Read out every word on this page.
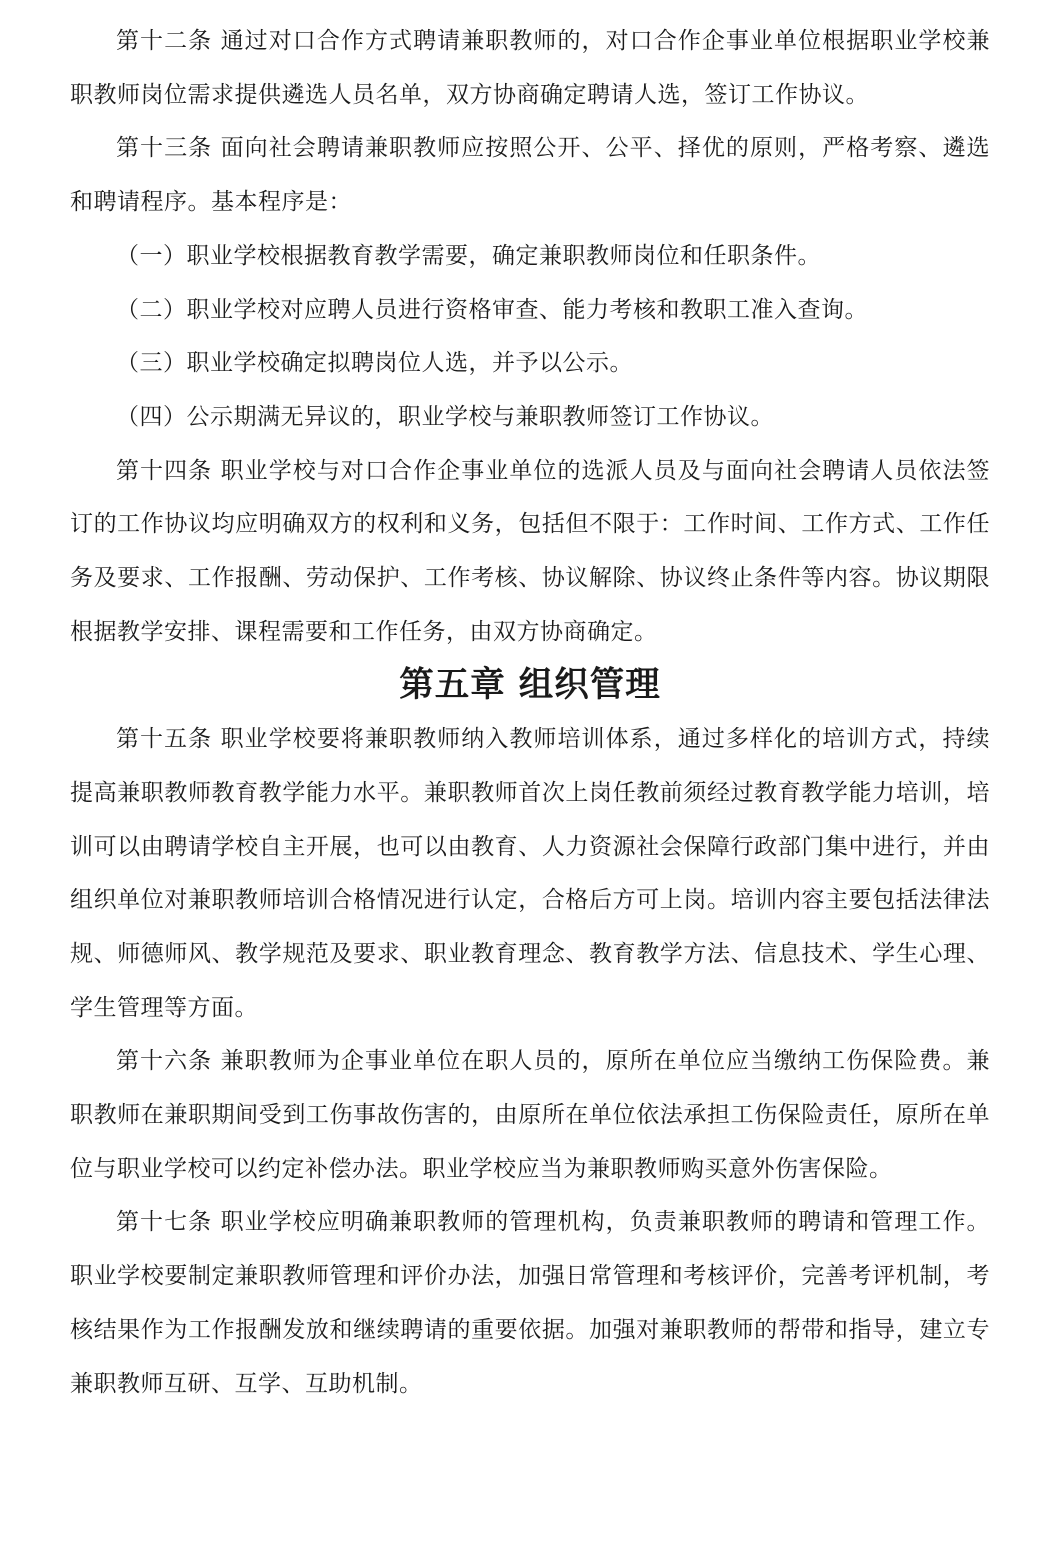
第十二条 通过对口合作方式聘请兼职教师的，对口合作企事业单位根据职业学校兼职教师岗位需求提供遴选人员名单，双方协商确定聘请人选，签订工作协议。

第十三条 面向社会聘请兼职教师应按照公开、公平、择优的原则，严格考察、遴选和聘请程序。基本程序是：

（一）职业学校根据教育教学需要，确定兼职教师岗位和任职条件。

（二）职业学校对应聘人员进行资格审查、能力考核和教职工准入查询。

（三）职业学校确定拟聘岗位人选，并予以公示。

（四）公示期满无异议的，职业学校与兼职教师签订工作协议。

第十四条 职业学校与对口合作企事业单位的选派人员及与面向社会聘请人员依法签订的工作协议均应明确双方的权利和义务，包括但不限于：工作时间、工作方式、工作任务及要求、工作报酬、劳动保护、工作考核、协议解除、协议终止条件等内容。协议期限根据教学安排、课程需要和工作任务，由双方协商确定。

第五章 组织管理

第十五条 职业学校要将兼职教师纳入教师培训体系，通过多样化的培训方式，持续提高兼职教师教育教学能力水平。兼职教师首次上岗任教前须经过教育教学能力培训，培训可以由聘请学校自主开展，也可以由教育、人力资源社会保障行政部门集中进行，并由组织单位对兼职教师培训合格情况进行认定，合格后方可上岗。培训内容主要包括法律法规、师德师风、教学规范及要求、职业教育理念、教育教学方法、信息技术、学生心理、学生管理等方面。

第十六条 兼职教师为企事业单位在职人员的，原所在单位应当缴纳工伤保险费。兼职教师在兼职期间受到工伤事故伤害的，由原所在单位依法承担工伤保险责任，原所在单位与职业学校可以约定补偿办法。职业学校应当为兼职教师购买意外伤害保险。

第十七条 职业学校应明确兼职教师的管理机构，负责兼职教师的聘请和管理工作。职业学校要制定兼职教师管理和评价办法，加强日常管理和考核评价，完善考评机制，考核结果作为工作报酬发放和继续聘请的重要依据。加强对兼职教师的帮带和指导，建立专兼职教师互研、互学、互助机制。
